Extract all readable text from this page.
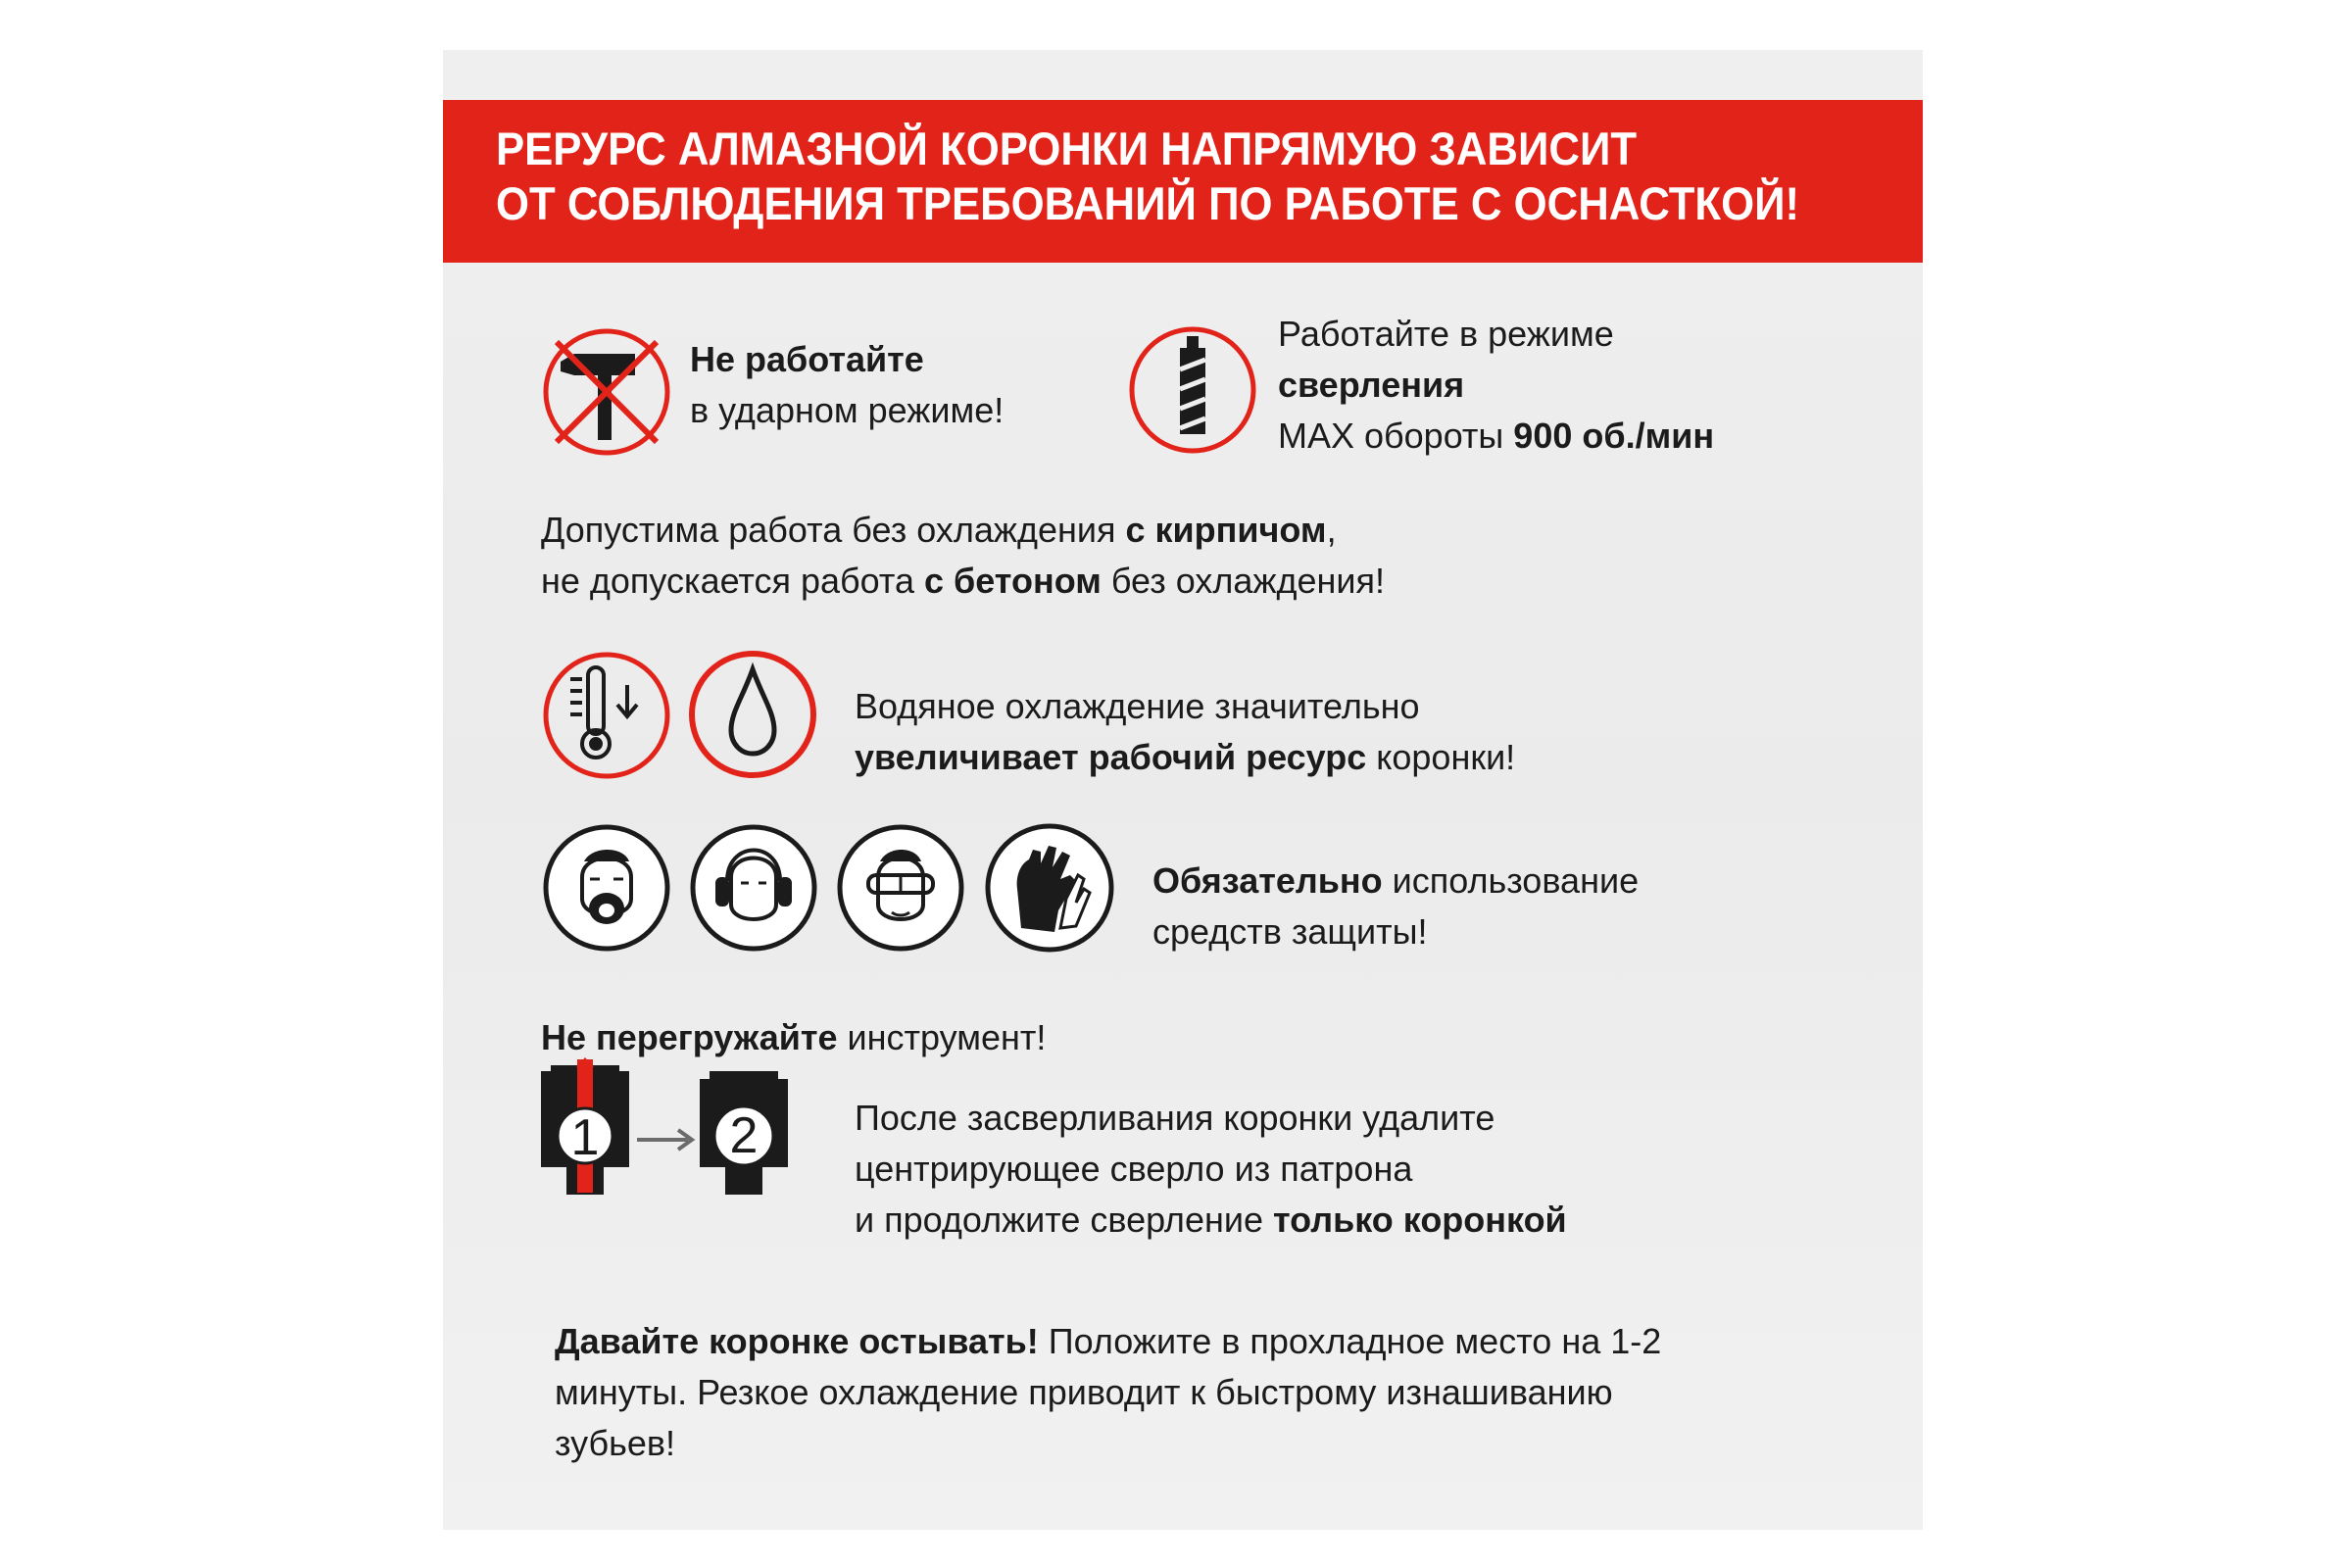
РЕРУРС АЛМАЗНОЙ КОРОНКИ НАПРЯМУЮ ЗАВИСИТ

ОТ СОБЛЮДЕНИЯ ТРЕБОВАНИЙ ПО РАБОТЕ С ОСНАСТКОЙ!

Не работайте

в ударном режиме!

Работайте в режиме

сверления

MAX обороты 900 об./мин

Допустима работа без охлаждения с кирпичом,

не допускается работа с бетоном без охлаждения!

Водяное охлаждение значительно

увеличивает рабочий ресурс коронки!

Обязательно использование

средств защиты!

Не перегружайте инструмент!

1	2	После засверливания коронки удалите

центрирующее сверло из патрона

и продолжите сверление только коронкой

Давайте коронке остывать! Положите в прохладное место на 1-2

минуты. Резкое охлаждение приводит к быстрому изнашиванию

зубьев!
